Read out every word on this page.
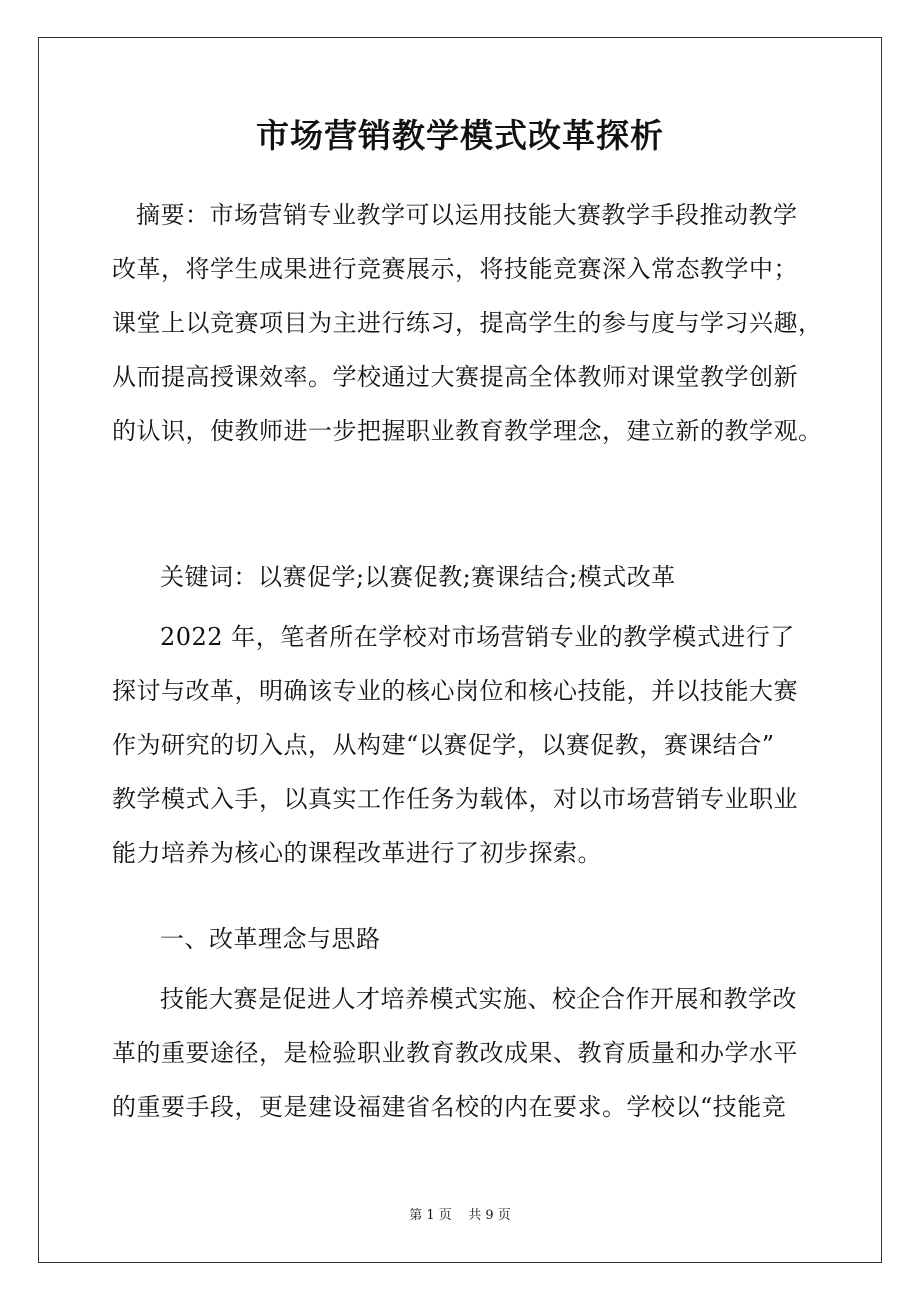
市场营销教学模式改革探析
摘要：市场营销专业教学可以运用技能大赛教学手段推动教学
改革，将学生成果进行竞赛展示，将技能竞赛深入常态教学中；
课堂上以竞赛项目为主进行练习，提高学生的参与度与学习兴趣，
从而提高授课效率。学校通过大赛提高全体教师对课堂教学创新
的认识，使教师进一步把握职业教育教学理念，建立新的教学观。
关键词：以赛促学;以赛促教;赛课结合;模式改革
2022 年，笔者所在学校对市场营销专业的教学模式进行了
探讨与改革，明确该专业的核心岗位和核心技能，并以技能大赛
作为研究的切入点，从构建“以赛促学，以赛促教，赛课结合”
教学模式入手，以真实工作任务为载体，对以市场营销专业职业
能力培养为核心的课程改革进行了初步探索。
一、改革理念与思路
技能大赛是促进人才培养模式实施、校企合作开展和教学改
革的重要途径，是检验职业教育教改成果、教育质量和办学水平
的重要手段，更是建设福建省名校的内在要求。学校以“技能竞
第 1 页 共 9 页
